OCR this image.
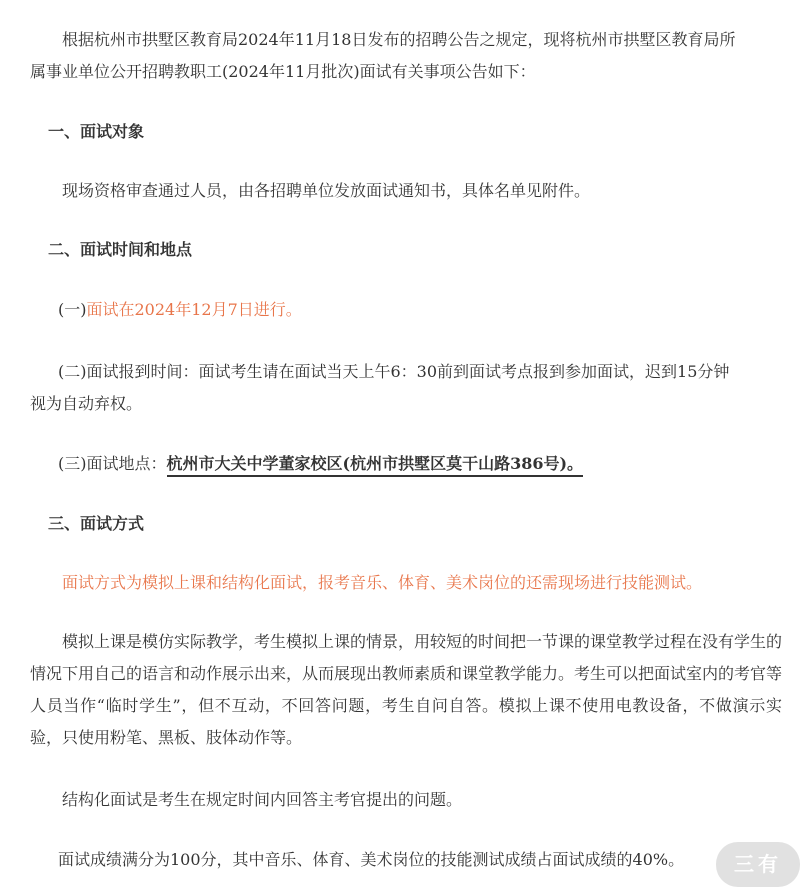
根据杭州市拱墅区教育局2024年11月18日发布的招聘公告之规定，现将杭州市拱墅区教育局所
属事业单位公开招聘教职工(2024年11月批次)面试有关事项公告如下：
一、面试对象
现场资格审查通过人员，由各招聘单位发放面试通知书，具体名单见附件。
二、面试时间和地点
(一)面试在2024年12月7日进行。
(二)面试报到时间：面试考生请在面试当天上午6：30前到面试考点报到参加面试，迟到15分钟
视为自动弃权。
(三)面试地点：杭州市大关中学董家校区(杭州市拱墅区莫干山路386号)。
三、面试方式
面试方式为模拟上课和结构化面试，报考音乐、体育、美术岗位的还需现场进行技能测试。
模拟上课是模仿实际教学，考生模拟上课的情景，用较短的时间把一节课的课堂教学过程在没有学生的情况下用自己的语言和动作展示出来，从而展现出教师素质和课堂教学能力。考生可以把面试室内的考官等人员当作“临时学生”，但不互动，不回答问题，考生自问自答。模拟上课不使用电教设备，不做演示实验，只使用粉笔、黑板、肢体动作等。
结构化面试是考生在规定时间内回答主考官提出的问题。
面试成绩满分为100分，其中音乐、体育、美术岗位的技能测试成绩占面试成绩的40%。	三有
